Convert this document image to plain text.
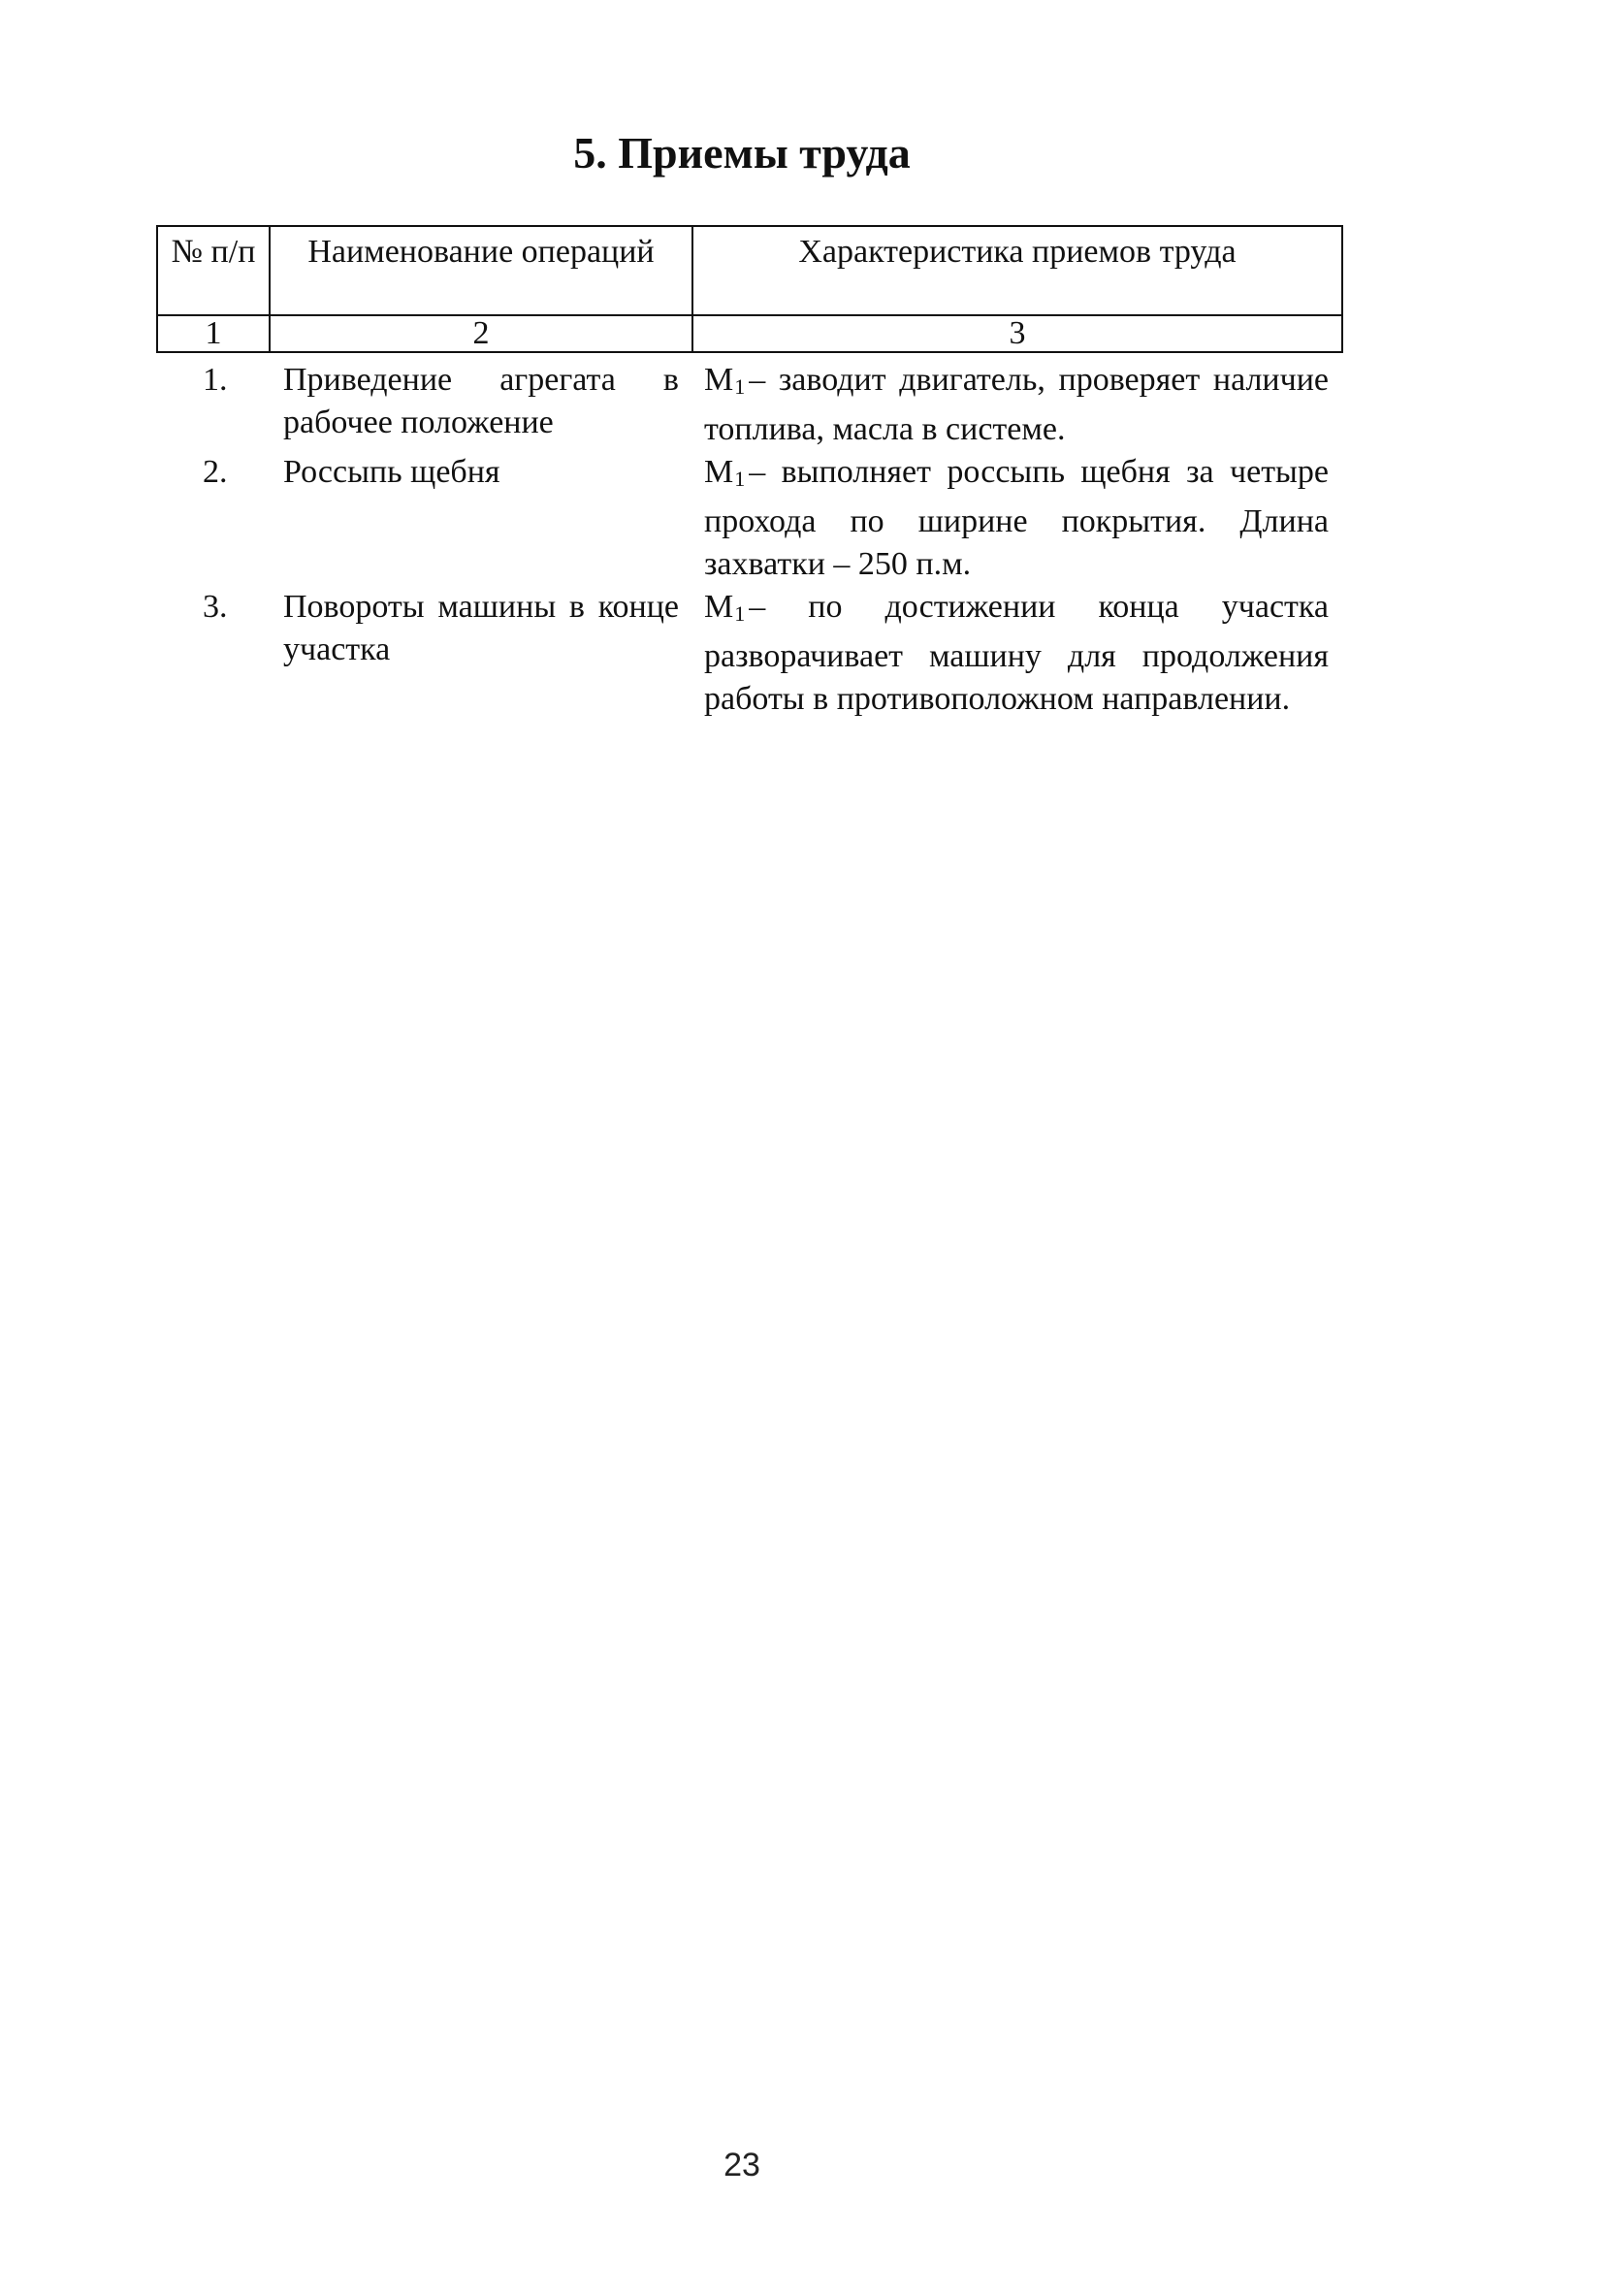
5. Приемы труда
№ п/п	Наименование операций	Характеристика приемов труда
1	2	3
1.	Приведение агрегата в рабочее положение	М1 – заводит двигатель, проверяет наличие топлива, масла в системе.
2.	Россыпь щебня	М1 – выполняет россыпь щебня за четыре прохода по ширине покрытия. Длина захватки – 250 п.м.
3.	Повороты машины в конце участка	М1 – по достижении конца участка разворачивает машину для продолжения работы в противоположном направлении.
23
